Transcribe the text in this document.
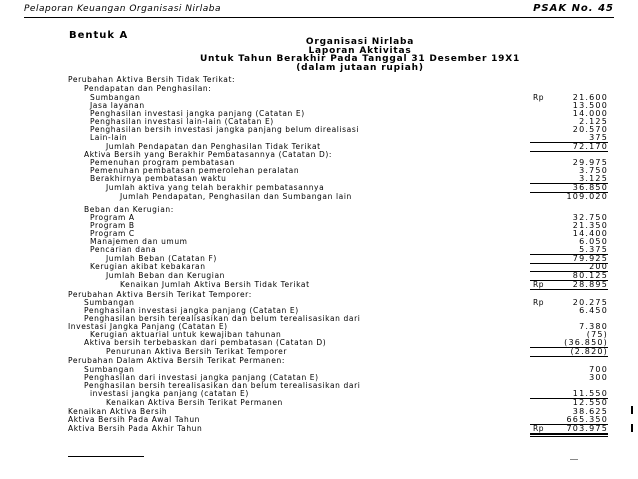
Pelaporan Keuangan Organisasi Nirlaba	PSAK No. 45
Bentuk A
Organisasi Nirlaba
Laporan Aktivitas
Untuk Tahun Berakhir Pada Tanggal 31 Desember 19X1
(dalam jutaan rupiah)
Perubahan Aktiva Bersih Tidak Terikat:
Pendapatan dan Penghasilan:
Sumbangan	Rp	21.600
Jasa layanan	13.500
Penghasilan investasi jangka panjang (Catatan E)	14.000
Penghasilan investasi lain-lain (Catatan E)	2.125
Penghasilan bersih investasi jangka panjang belum direalisasi	20.570
Lain-lain	375
Jumlah Pendapatan dan Penghasilan Tidak Terikat	72.170
Aktiva Bersih yang Berakhir Pembatasannya (Catatan D):
Pemenuhan program pembatasan	29.975
Pemenuhan pembatasan pemerolehan peralatan	3.750
Berakhirnya pembatasan waktu	3.125
Jumlah aktiva yang telah berakhir pembatasannya	36.850
Jumlah Pendapatan, Penghasilan dan Sumbangan lain	109.020
Beban dan Kerugian:
Program A	32.750
Program B	21.350
Program C	14.400
Manajemen dan umum	6.050
Pencarian dana	5.375
Jumlah Beban (Catatan F)	79.925
Kerugian akibat kebakaran	200
Jumlah Beban dan Kerugian	80.125
Kenaikan Jumlah Aktiva Bersih Tidak Terikat	Rp	28.895
Perubahan Aktiva Bersih Terikat Temporer:
Sumbangan	Rp	20.275
Penghasilan investasi jangka panjang (Catatan E)	6.450
Penghasilan bersih terealisasikan dan belum terealisasikan dari
Investasi Jangka Panjang (Catatan E)	7.380
Kerugian aktuarial untuk kewajiban tahunan	(75)
Aktiva bersih terbebaskan dari pembatasan (Catatan D)	(36.850)
Penurunan Aktiva Bersih Terikat Temporer	(2.820)
Perubahan Dalam Aktiva Bersih Terikat Permanen:
Sumbangan	700
Penghasilan dari investasi jangka panjang (Catatan E)	300
Penghasilan bersih terealisasikan dan belum terealisasikan dari
investasi jangka panjang (catatan E)	11.550
Kenaikan Aktiva Bersih Terikat Permanen	12.550
Kenaikan Aktiva Bersih	38.625
Aktiva Bersih Pada Awal Tahun	665.350
Aktiva Bersih Pada Akhir Tahun	Rp	703.975
